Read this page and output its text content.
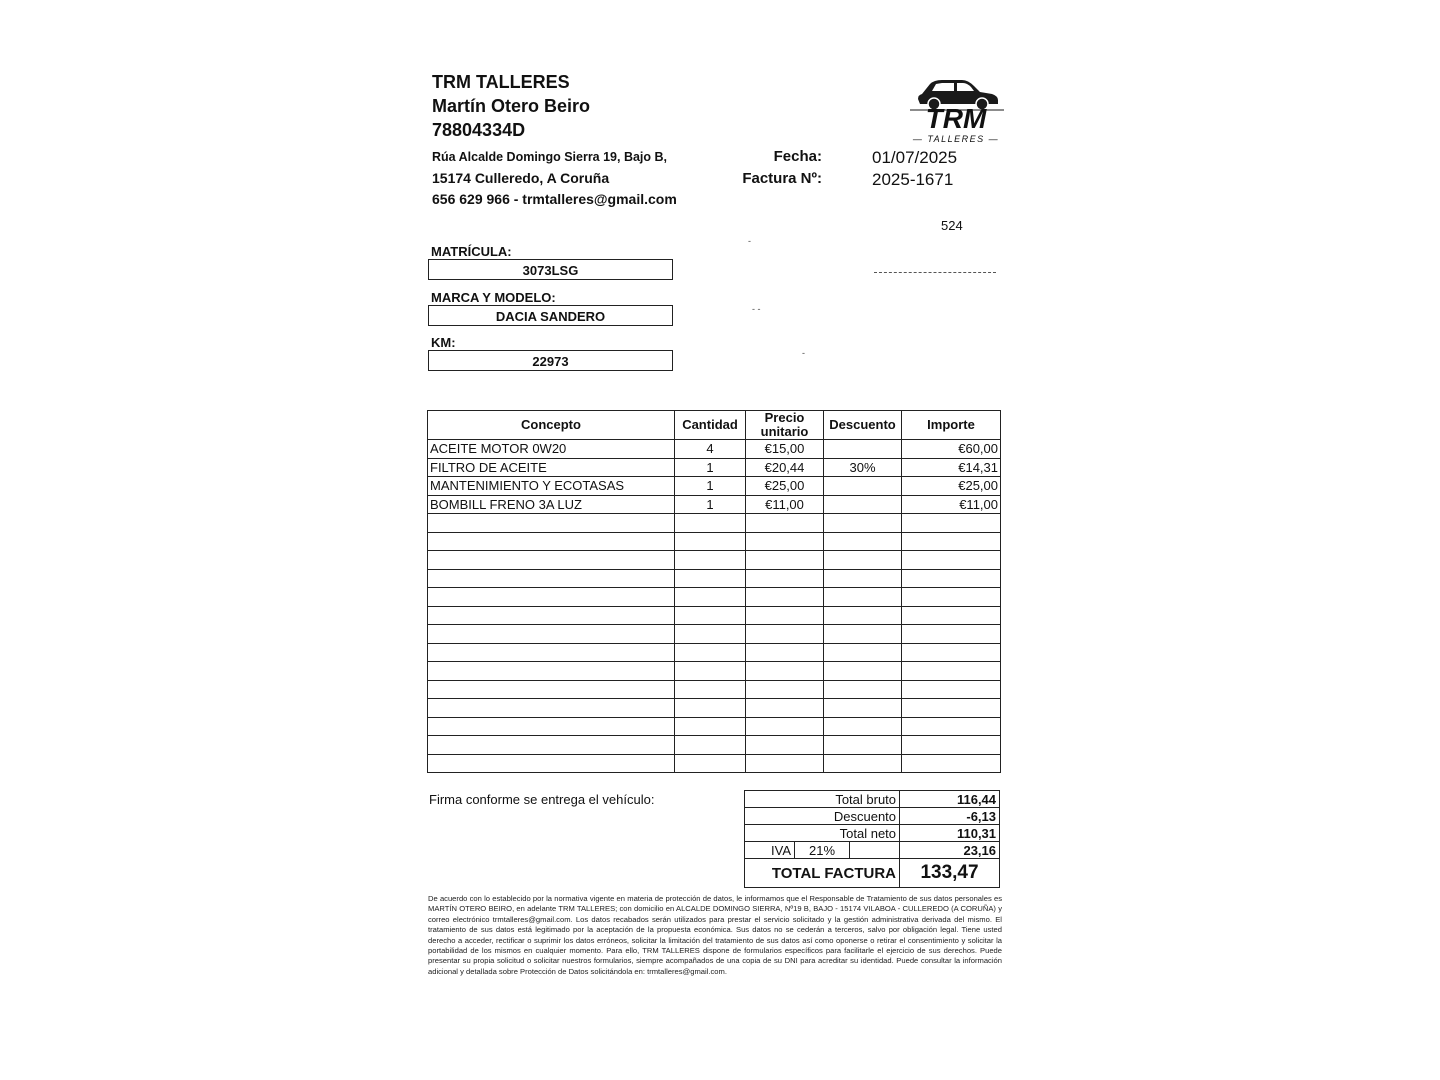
TRM TALLERES
Martín Otero Beiro
78804334D
Rúa Alcalde Domingo Sierra 19, Bajo B,
15174 Culleredo, A Coruña
656 629 966 - trmtalleres@gmail.com
TRM
— TALLERES —
Fecha:	01/07/2025
Factura Nº:	2025-1671
524
-
- -
-
MATRÍCULA:
3073LSG
MARCA Y MODELO:
DACIA SANDERO
KM:
22973
Concepto	Cantidad	Precio unitario	Descuento	Importe
ACEITE MOTOR 0W20	4	€15,00		€60,00
FILTRO DE ACEITE	1	€20,44	30%	€14,31
MANTENIMIENTO Y ECOTASAS	1	€25,00		€25,00
BOMBILL FRENO 3A LUZ	1	€11,00		€11,00

Firma conforme se entrega el vehículo:	Total bruto			116,44
Descuento			-6,13
Total neto			110,31
IVA	21%		23,16
TOTAL FACTURA			133,47
De acuerdo con lo establecido por la normativa vigente en materia de protección de datos, le informamos que el Responsable de Tratamiento de sus datos personales es MARTÍN OTERO BEIRO, en adelante TRM TALLERES; con domicilio en ALCALDE DOMINGO SIERRA, Nº19 B, BAJO - 15174 VILABOA - CULLEREDO (A CORUÑA) y correo electrónico trmtalleres@gmail.com. Los datos recabados serán utilizados para prestar el servicio solicitado y la gestión administrativa derivada del mismo. El tratamiento de sus datos está legitimado por la aceptación de la propuesta económica. Sus datos no se cederán a terceros, salvo por obligación legal. Tiene usted derecho a acceder, rectificar o suprimir los datos erróneos, solicitar la limitación del tratamiento de sus datos así como oponerse o retirar el consentimiento y solicitar la portabilidad de los mismos en cualquier momento. Para ello, TRM TALLERES dispone de formularios específicos para facilitarle el ejercicio de sus derechos. Puede presentar su propia solicitud o solicitar nuestros formularios, siempre acompañados de una copia de su DNI para acreditar su identidad. Puede consultar la información adicional y detallada sobre Protección de Datos solicitándola en: trmtalleres@gmail.com.
